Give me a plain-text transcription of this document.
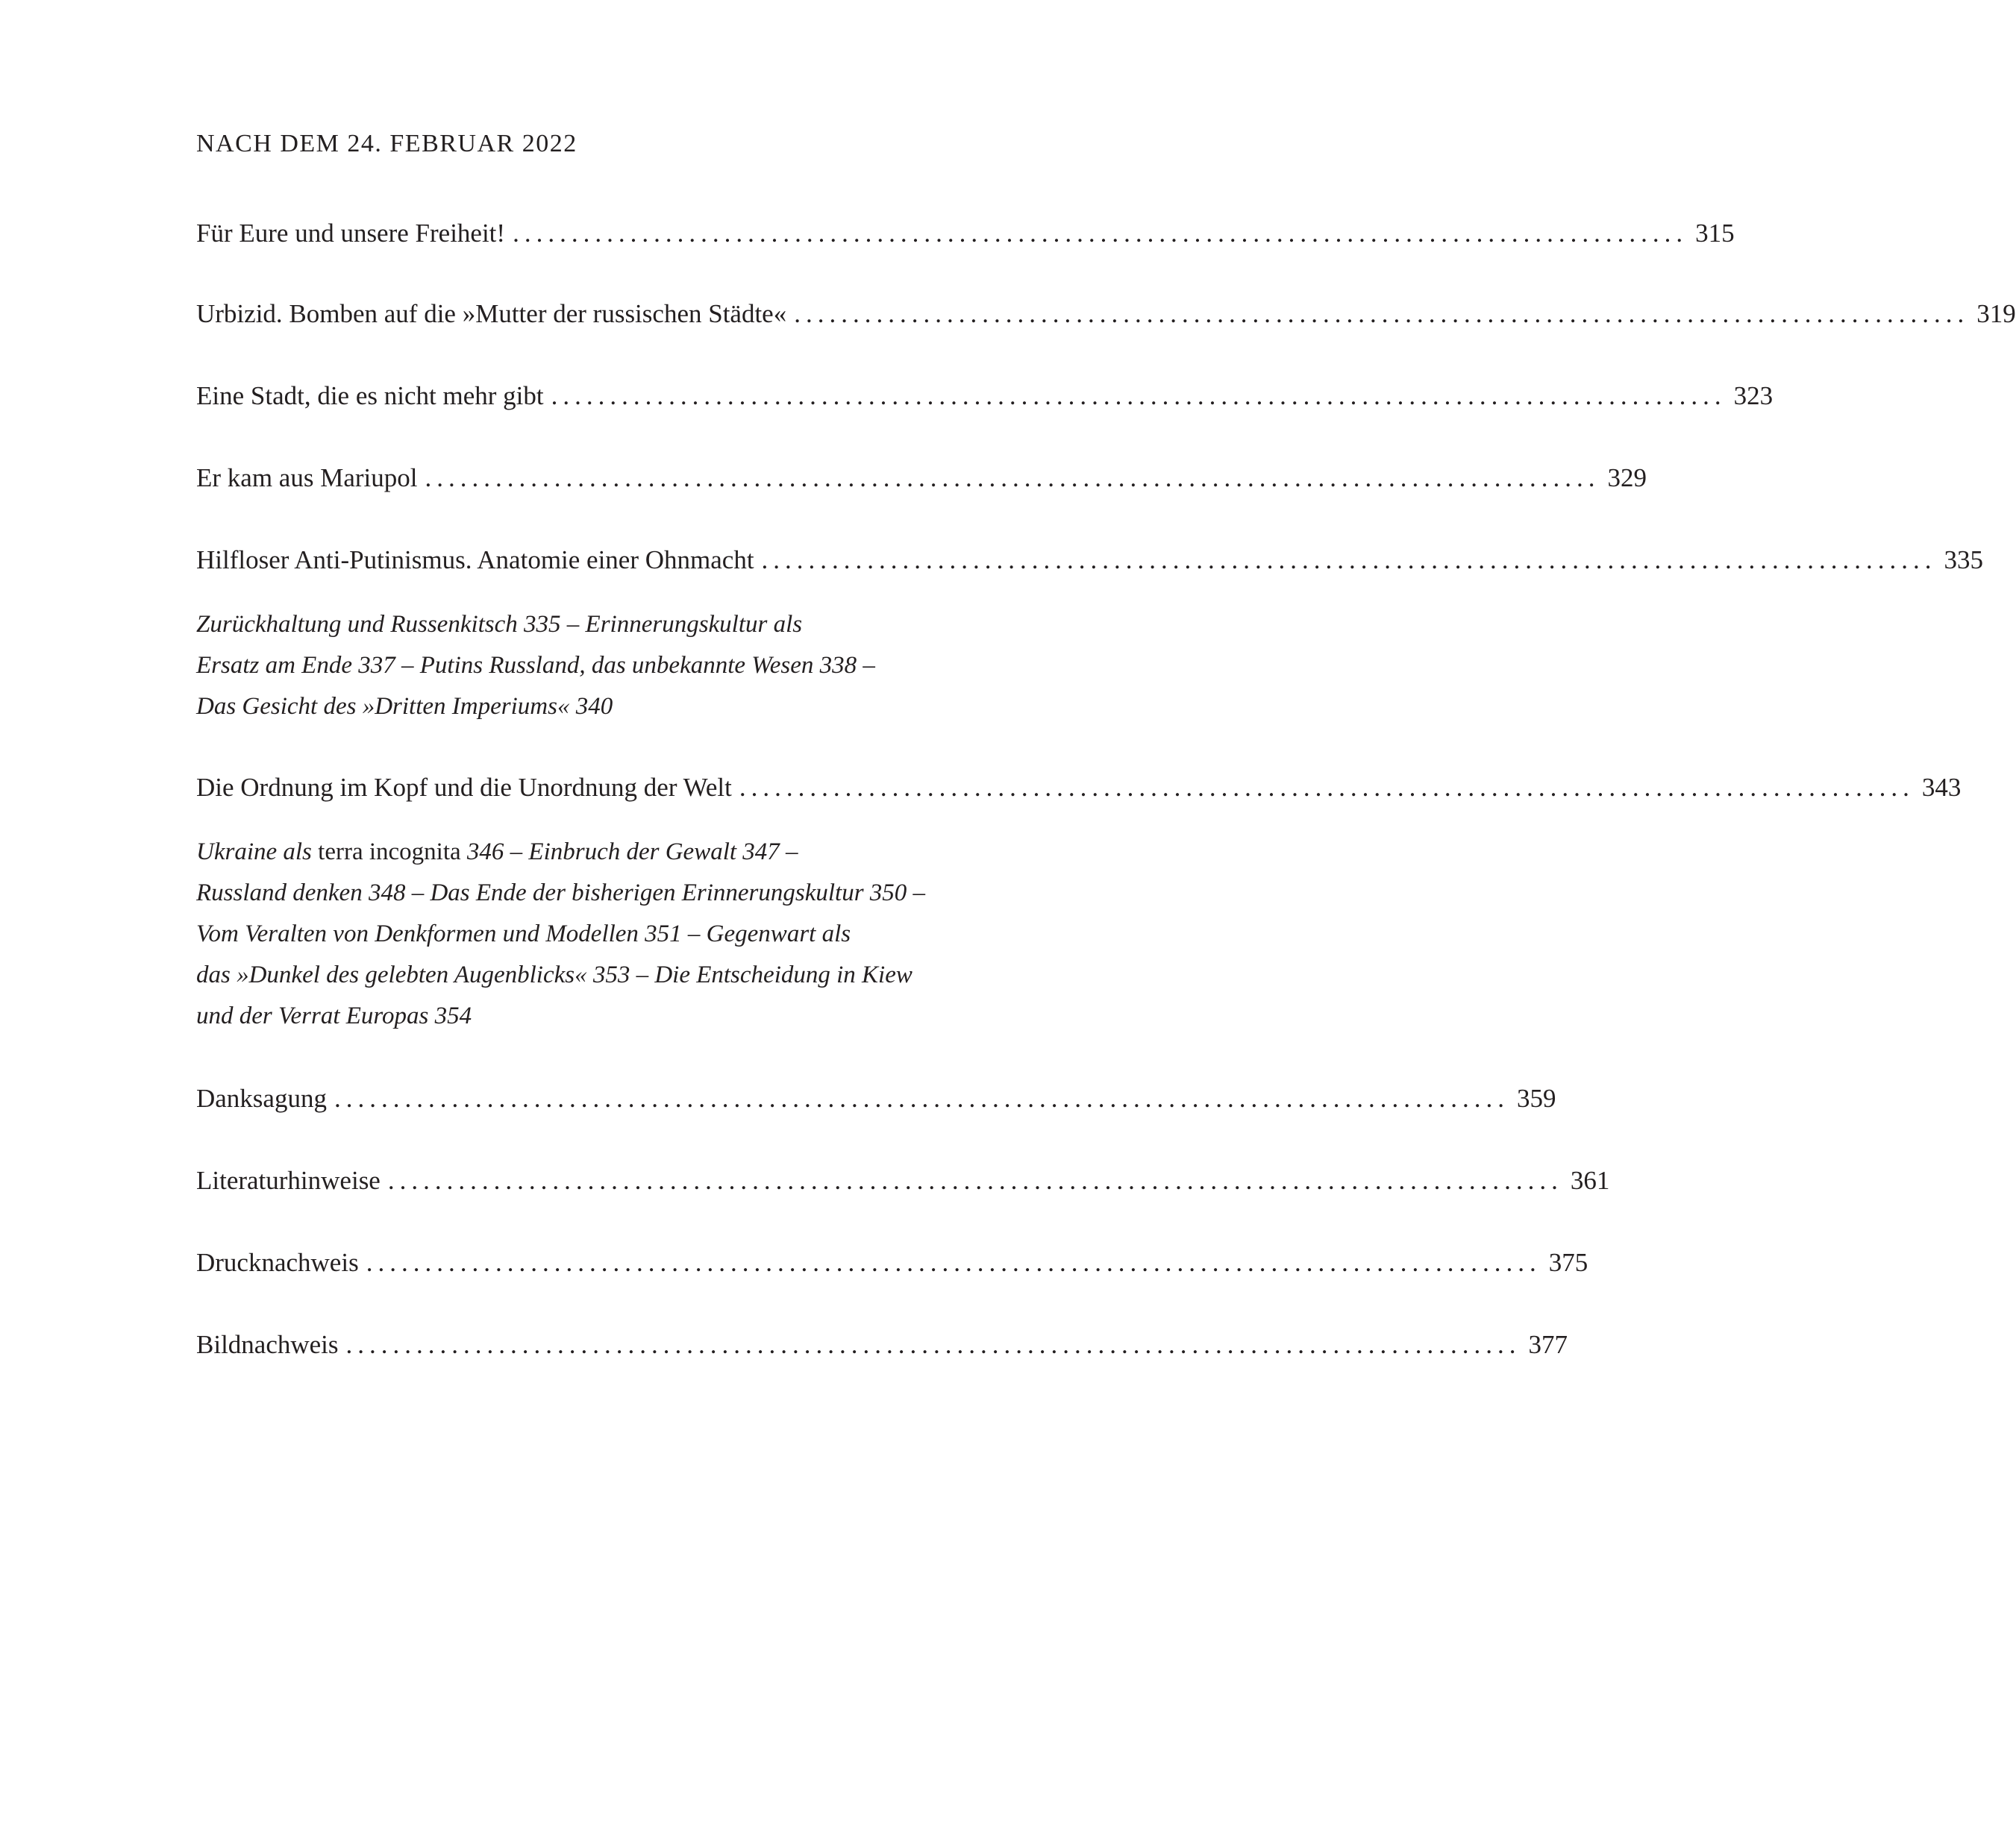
NACH DEM 24. FEBRUAR 2022
Für Eure und unsere Freiheit! .................................................................................................... 315
Urbizid. Bomben auf die »Mutter der russischen Städte« .................................................................................................... 319
Eine Stadt, die es nicht mehr gibt .................................................................................................... 323
Er kam aus Mariupol .................................................................................................... 329
Hilfloser Anti-Putinismus. Anatomie einer Ohnmacht .................................................................................................... 335
Zurückhaltung und Russenkitsch 335 – Erinnerungskultur als
Ersatz am Ende 337 – Putins Russland, das unbekannte Wesen 338 –
Das Gesicht des »Dritten Imperiums« 340
Die Ordnung im Kopf und die Unordnung der Welt .................................................................................................... 343
Ukraine als terra incognita 346 – Einbruch der Gewalt 347 –
Russland denken 348 – Das Ende der bisherigen Erinnerungskultur 350 –
Vom Veralten von Denkformen und Modellen 351 – Gegenwart als
das »Dunkel des gelebten Augenblicks« 353 – Die Entscheidung in Kiew
und der Verrat Europas 354
Danksagung .................................................................................................... 359
Literaturhinweise .................................................................................................... 361
Drucknachweis .................................................................................................... 375
Bildnachweis .................................................................................................... 377
